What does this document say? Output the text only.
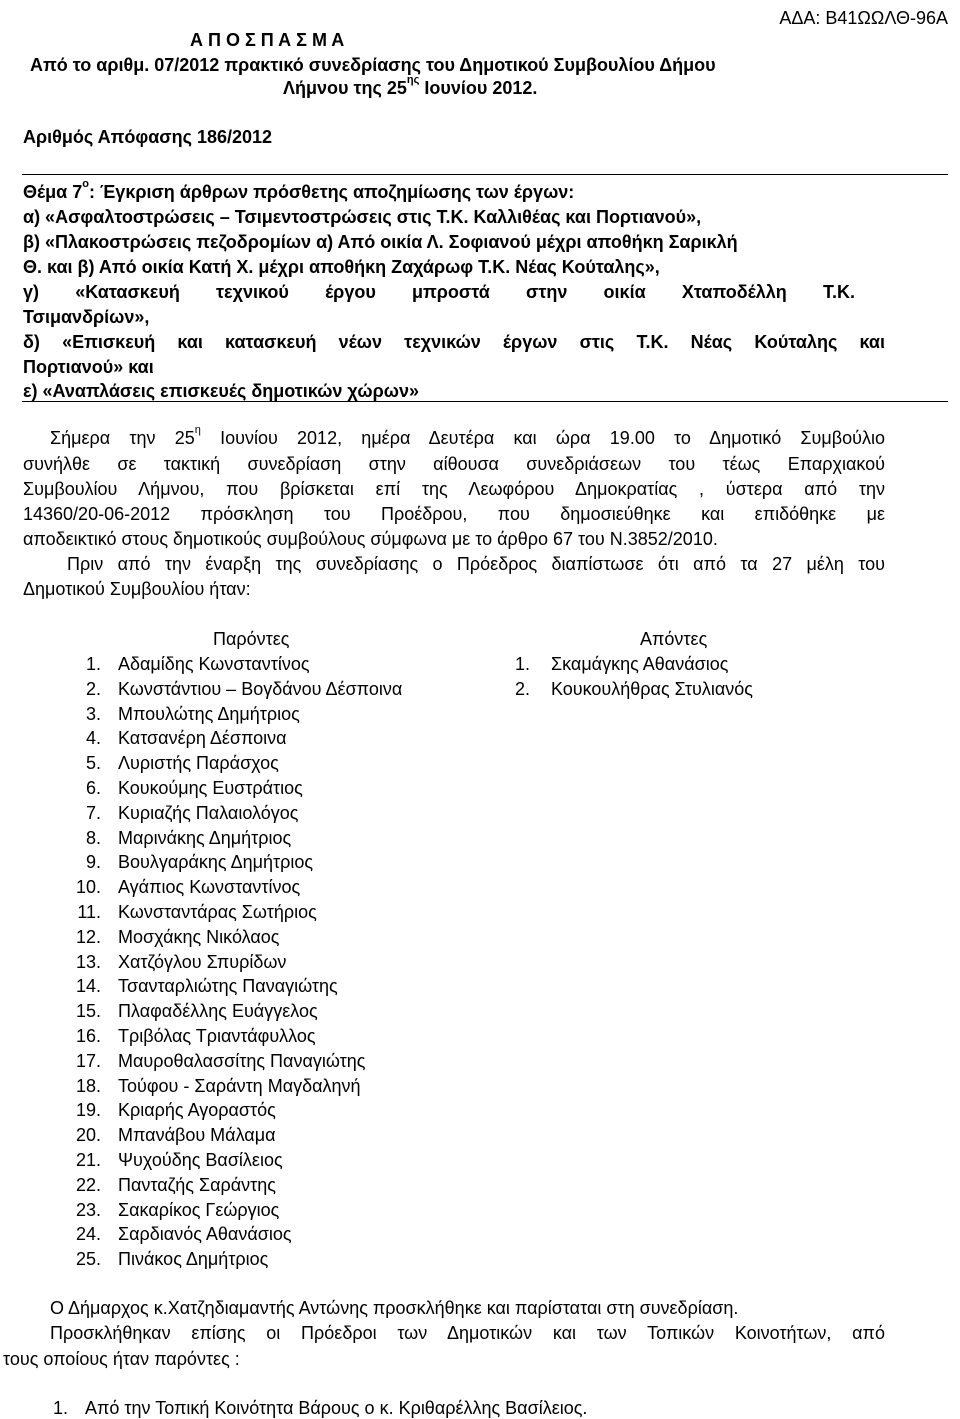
ΑΔΑ: Β41ΩΩΛΘ-96Α
Α Π Ο Σ Π Α Σ Μ Α
Από το αριθμ. 07/2012 πρακτικό συνεδρίασης του Δημοτικού Συμβουλίου Δήμου
Λήμνου της $25^{\eta\varsigma}$ Ιουνίου 2012.
Αριθμός Απόφασης 186/2012
Θέμα $7^o$: Έγκριση άρθρων πρόσθετης αποζημίωσης των έργων:
α) «Ασφαλτοστρώσεις – Τσιμεντοστρώσεις στις Τ.Κ. Καλλιθέας και Πορτιανού»,
β) «Πλακοστρώσεις πεζοδρομίων α) Από οικία Λ. Σοφιανού μέχρι αποθήκη Σαρικλή
Θ. και β) Από οικία Κατή Χ. μέχρι αποθήκη Ζαχάρωφ Τ.Κ. Νέας Κούταλης»,
γ) «Κατασκευή τεχνικού έργου μπροστά στην οικία Χταποδέλλη Τ.Κ.
Τσιμανδρίων»,
δ) «Επισκευή και κατασκευή νέων τεχνικών έργων στις Τ.Κ. Νέας Κούταλης και
Πορτιανού» και
ε) «Αναπλάσεις επισκευές δημοτικών χώρων»
Σήμερα την $25^\eta$ Ιουνίου 2012, ημέρα Δευτέρα και ώρα 19.00 το Δημοτικό Συμβούλιο
συνήλθε σε τακτική συνεδρίαση στην αίθουσα συνεδριάσεων του τέως Επαρχιακού
Συμβουλίου Λήμνου, που βρίσκεται επί της Λεωφόρου Δημοκρατίας , ύστερα από την
14360/20-06-2012 πρόσκληση του Προέδρου, που δημοσιεύθηκε και επιδόθηκε με
αποδεικτικό στους δημοτικούς συμβούλους σύμφωνα με το άρθρο 67 του Ν.3852/2010.
Πριν από την έναρξη της συνεδρίασης ο Πρόεδρος διαπίστωσε ότι από τα 27 μέλη του
Δημοτικού Συμβουλίου ήταν:
Παρόντες	Απόντες
1. Αδαμίδης Κωνσταντίνος
2. Κωνστάντιου – Βογδάνου Δέσποινα
3. Μπουλώτης Δημήτριος
4. Κατσανέρη Δέσποινα
5. Λυριστής Παράσχος
6. Κουκούμης Ευστράτιος
7. Κυριαζής Παλαιολόγος
8. Μαρινάκης Δημήτριος
9. Βουλγαράκης Δημήτριος
10. Αγάπιος Κωνσταντίνος
11. Κωνσταντάρας Σωτήριος
12. Μοσχάκης Νικόλαος
13. Χατζόγλου Σπυρίδων
14. Τσανταρλιώτης Παναγιώτης
15. Πλαφαδέλλης Ευάγγελος
16. Τριβόλας Τριαντάφυλλος
17. Μαυροθαλασσίτης Παναγιώτης
18. Τούφου - Σαράντη Μαγδαληνή
19. Κριαρής Αγοραστός
20. Μπανάβου Μάλαμα
21. Ψυχούδης Βασίλειος
22. Πανταζής Σαράντης
23. Σακαρίκος Γεώργιος
24. Σαρδιανός Αθανάσιος
25. Πινάκος Δημήτριος
1. Σκαμάγκης Αθανάσιος
2. Κουκουλήθρας Στυλιανός
Ο Δήμαρχος κ.Χατζηδιαμαντής Αντώνης προσκλήθηκε και παρίσταται στη συνεδρίαση.
Προσκλήθηκαν επίσης οι Πρόεδροι των Δημοτικών και των Τοπικών Κοινοτήτων, από
τους οποίους ήταν παρόντες :
1. Από την Τοπική Κοινότητα Βάρους ο κ. Κριθαρέλλης Βασίλειος.
